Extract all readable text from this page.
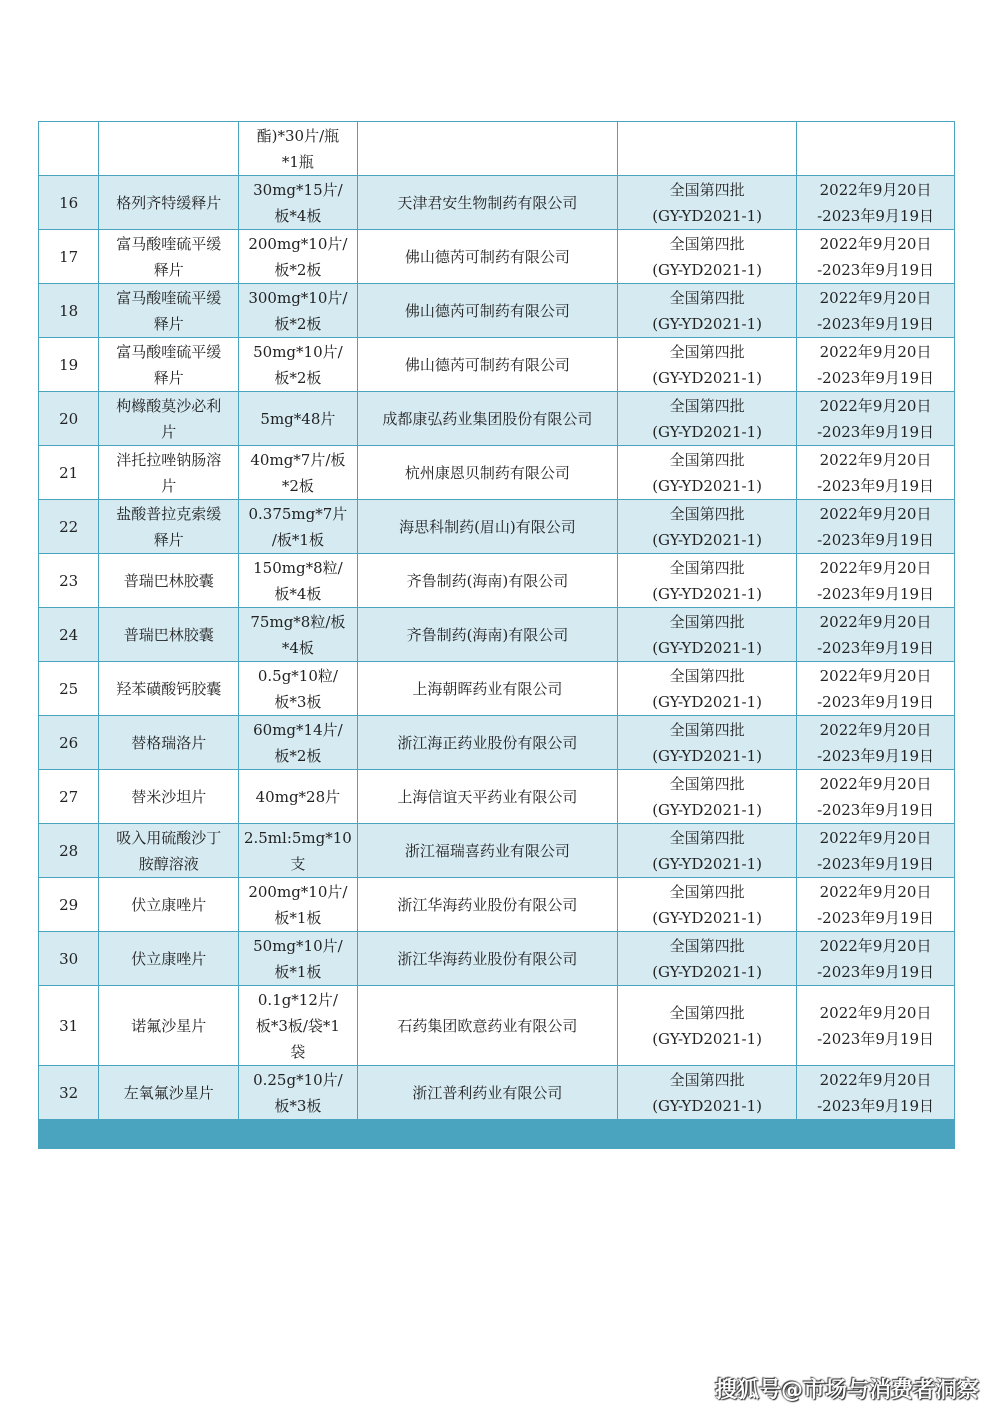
		酯)*30片/瓶
*1瓶			
16	格列齐特缓释片	30mg*15片/
板*4板	天津君安生物制药有限公司	全国第四批
(GY-YD2021-1)	2022年9月20日
-2023年9月19日
17	富马酸喹硫平缓
释片	200mg*10片/
板*2板	佛山德芮可制药有限公司	全国第四批
(GY-YD2021-1)	2022年9月20日
-2023年9月19日
18	富马酸喹硫平缓
释片	300mg*10片/
板*2板	佛山德芮可制药有限公司	全国第四批
(GY-YD2021-1)	2022年9月20日
-2023年9月19日
19	富马酸喹硫平缓
释片	50mg*10片/
板*2板	佛山德芮可制药有限公司	全国第四批
(GY-YD2021-1)	2022年9月20日
-2023年9月19日
20	枸橼酸莫沙必利
片	5mg*48片	成都康弘药业集团股份有限公司	全国第四批
(GY-YD2021-1)	2022年9月20日
-2023年9月19日
21	泮托拉唑钠肠溶
片	40mg*7片/板
*2板	杭州康恩贝制药有限公司	全国第四批
(GY-YD2021-1)	2022年9月20日
-2023年9月19日
22	盐酸普拉克索缓
释片	0.375mg*7片
/板*1板	海思科制药(眉山)有限公司	全国第四批
(GY-YD2021-1)	2022年9月20日
-2023年9月19日
23	普瑞巴林胶囊	150mg*8粒/
板*4板	齐鲁制药(海南)有限公司	全国第四批
(GY-YD2021-1)	2022年9月20日
-2023年9月19日
24	普瑞巴林胶囊	75mg*8粒/板
*4板	齐鲁制药(海南)有限公司	全国第四批
(GY-YD2021-1)	2022年9月20日
-2023年9月19日
25	羟苯磺酸钙胶囊	0.5g*10粒/
板*3板	上海朝晖药业有限公司	全国第四批
(GY-YD2021-1)	2022年9月20日
-2023年9月19日
26	替格瑞洛片	60mg*14片/
板*2板	浙江海正药业股份有限公司	全国第四批
(GY-YD2021-1)	2022年9月20日
-2023年9月19日
27	替米沙坦片	40mg*28片	上海信谊天平药业有限公司	全国第四批
(GY-YD2021-1)	2022年9月20日
-2023年9月19日
28	吸入用硫酸沙丁
胺醇溶液	2.5ml:5mg*10
支	浙江福瑞喜药业有限公司	全国第四批
(GY-YD2021-1)	2022年9月20日
-2023年9月19日
29	伏立康唑片	200mg*10片/
板*1板	浙江华海药业股份有限公司	全国第四批
(GY-YD2021-1)	2022年9月20日
-2023年9月19日
30	伏立康唑片	50mg*10片/
板*1板	浙江华海药业股份有限公司	全国第四批
(GY-YD2021-1)	2022年9月20日
-2023年9月19日
31	诺氟沙星片	0.1g*12片/
板*3板/袋*1
袋	石药集团欧意药业有限公司	全国第四批
(GY-YD2021-1)	2022年9月20日
-2023年9月19日
32	左氧氟沙星片	0.25g*10片/
板*3板	浙江普利药业有限公司	全国第四批
(GY-YD2021-1)	2022年9月20日
-2023年9月19日

搜狐号@市场与消费者洞察
